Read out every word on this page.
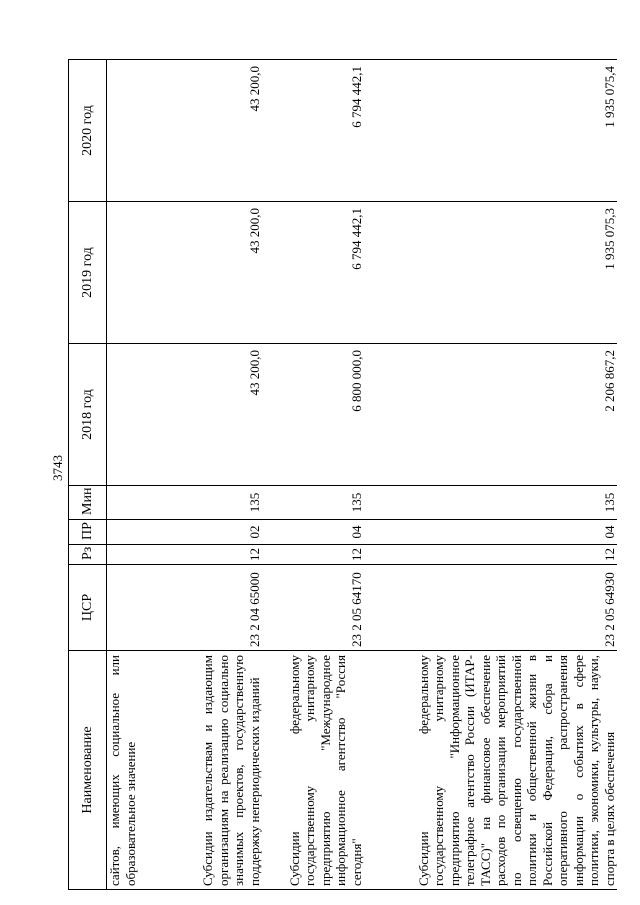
3743
Наименование	ЦСР	Рз	ПР	Мин	2018 год	2019 год	2020 год
сайтов, имеющих социальное или образовательное значение							
Субсидии издательствам и издающим организациям на реализацию социально значимых проектов, государственную поддержку непериодических изданий	23 2 04 65000	12	02	135	43 200,0	43 200,0	43 200,0
Субсидии федеральному государственному унитарному предприятию "Международное информационное агентство "Россия сегодня"	23 2 05 64170	12	04	135	6 800 000,0	6 794 442,1	6 794 442,1
Субсидии федеральному государственному унитарному предприятию "Информационное телеграфное агентство России (ИТАР-ТАСС)" на финансовое обеспечение расходов по организации мероприятий по освещению государственной политики и общественной жизни в Российской Федерации, сбора и оперативного распространения информации о событиях в сфере политики, экономики, культуры, науки, спорта в целях обеспечения	23 2 05 64930	12	04	135	2 206 867,2	1 935 075,3	1 935 075,4
